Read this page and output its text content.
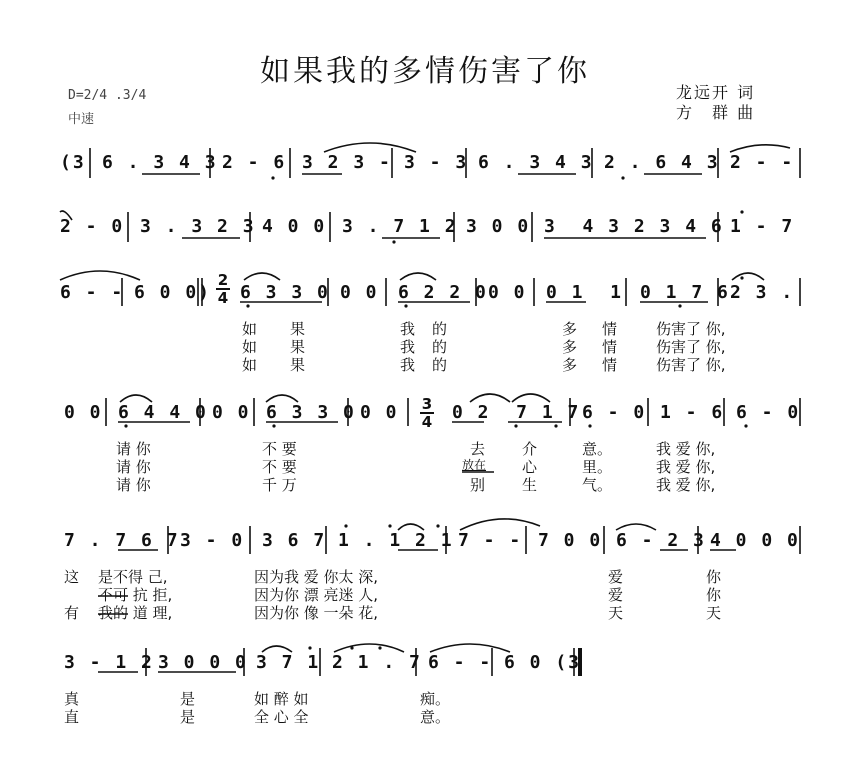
如果我的多情伤害了你
D=2/4 .3/4
中速
龙远开 词
方　群 曲
(3 6 . 3 4 3 2 - 6 3 2 3 - 3 - 3 6 . 3 4 3 2 . 6 4 3 2 - -
2 - 0 3 . 3 2 3 4 0 0 3 . 7 1 2 3 0 0 3  4 3 2 3 4 6 1 - 7
6 - - 6 0 0) 6 3 3 0 0 0 6 2 2 0 0 0 0 1  1 0 1 7 6 2 3 .
如 果	我 的	多 情	伤害了 你,
如 果	我 的	多 情	伤害了 你,
如 果	我 的	多 情	伤害了 你,
0 0 6 4 4 0 0 0 6 3 3 0 0 0	0 2  7 1 7 6 - 0 1 - 6 6 - 0
请 你	不 要	去 介	意。	我 爱 你,
请 你	不 要	放在 心	里。	我 爱 你,
请 你	千 万	别 生	气。	我 爱 你,
7 . 7 6 7 3 - 0 3 6 7 1 . 1 2 1 7 - - 7 0 0 6 - 2 3 4 0 0 0
这 是不得 己,	因为我 爱 你太 深,	爱	你
不可 抗 拒,	因为你 漂 亮迷 人,	爱	你
有 我的 道 理,	因为你 像 一朵 花,	天	天
3 - 1 2 3 0 0 0 3 7 1 2 1 . 7 6 - - 6 0 (3
真	是	如 醉 如	痴。
直	是	全 心 全	意。
2
4
3
4
